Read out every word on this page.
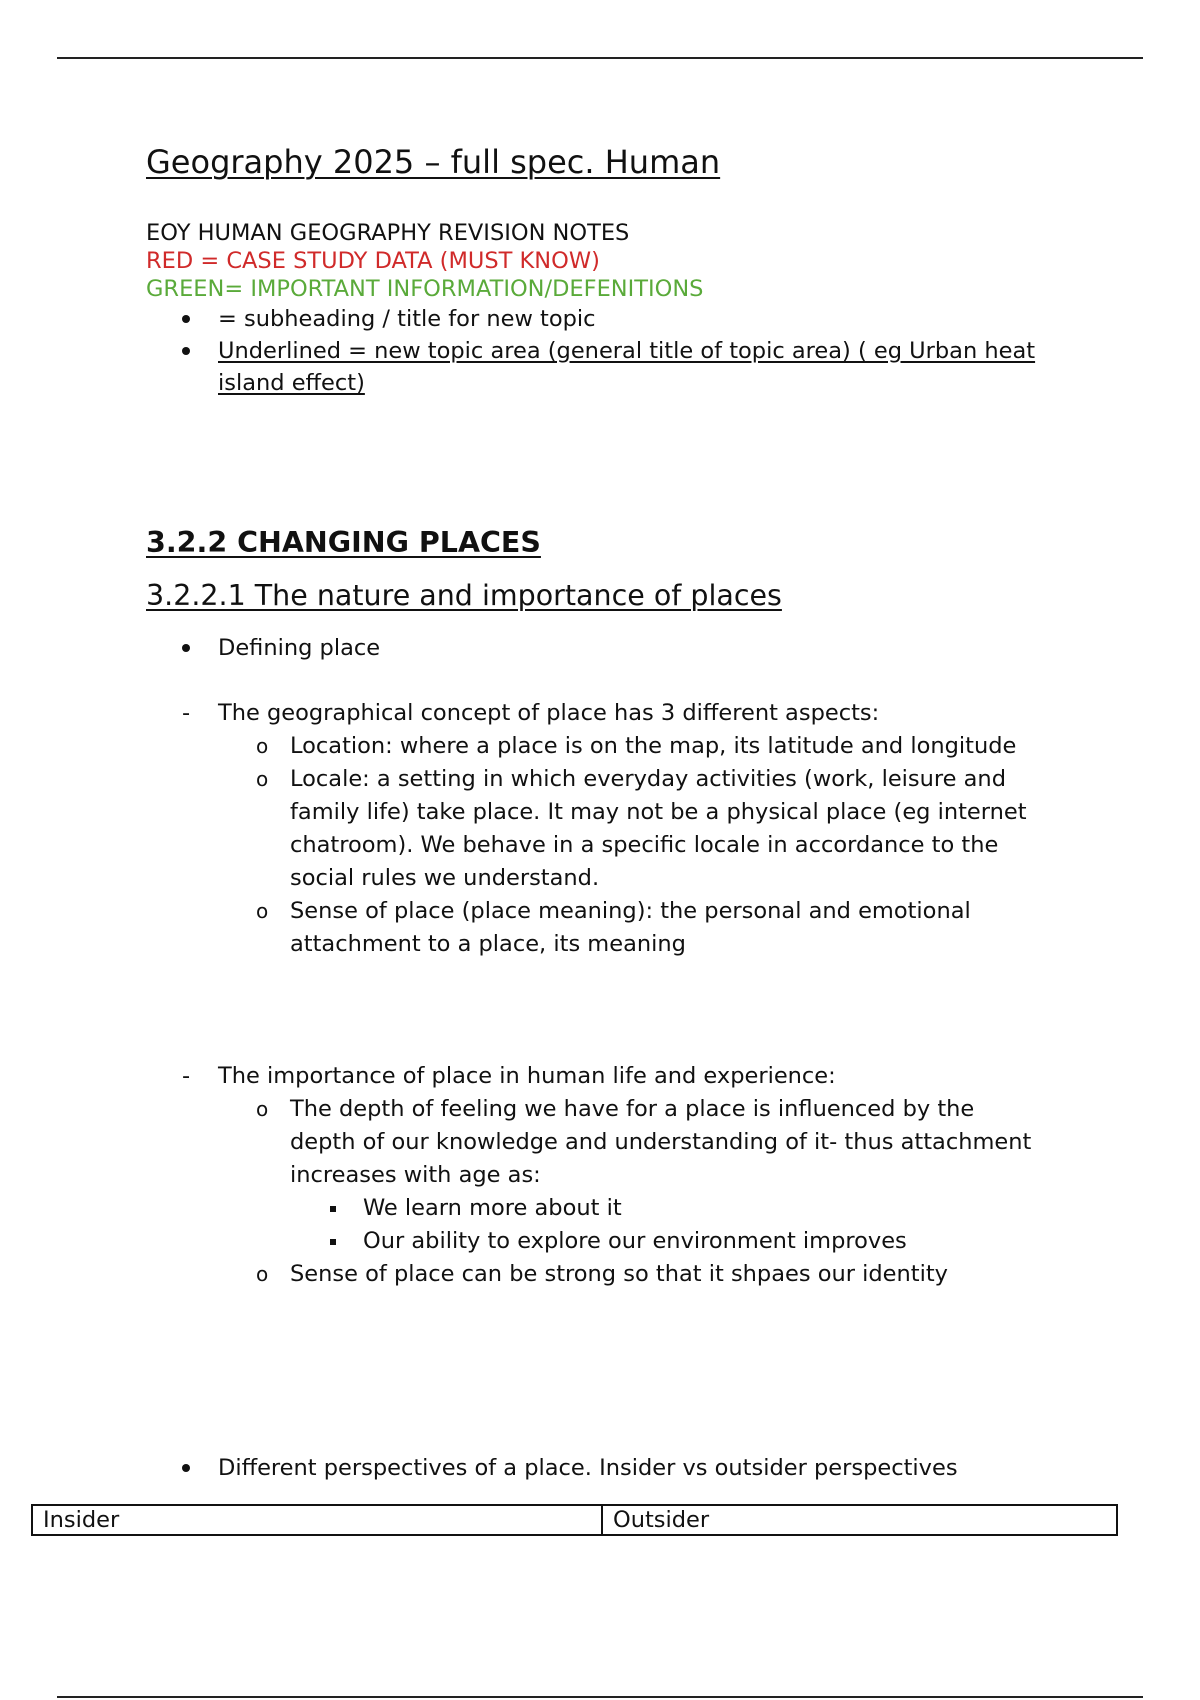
Geography 2025 – full spec. Human
EOY HUMAN GEOGRAPHY REVISION NOTES
RED = CASE STUDY DATA (MUST KNOW)
GREEN= IMPORTANT INFORMATION/DEFENITIONS
= subheading / title for new topic
Underlined = new topic area (general title of topic area) ( eg Urban heat island effect)
3.2.2 CHANGING PLACES
3.2.2.1 The nature and importance of places
Defining place
- The geographical concept of place has 3 different aspects:
o Location: where a place is on the map, its latitude and longitude
o Locale: a setting in which everyday activities (work, leisure and family life) take place. It may not be a physical place (eg internet chatroom). We behave in a specific locale in accordance to the social rules we understand.
o Sense of place (place meaning): the personal and emotional attachment to a place, its meaning
- The importance of place in human life and experience:
o The depth of feeling we have for a place is influenced by the depth of our knowledge and understanding of it- thus attachment increases with age as:
We learn more about it
Our ability to explore our environment improves
o Sense of place can be strong so that it shpaes our identity
Different perspectives of a place. Insider vs outsider perspectives
Insider	Outsider
